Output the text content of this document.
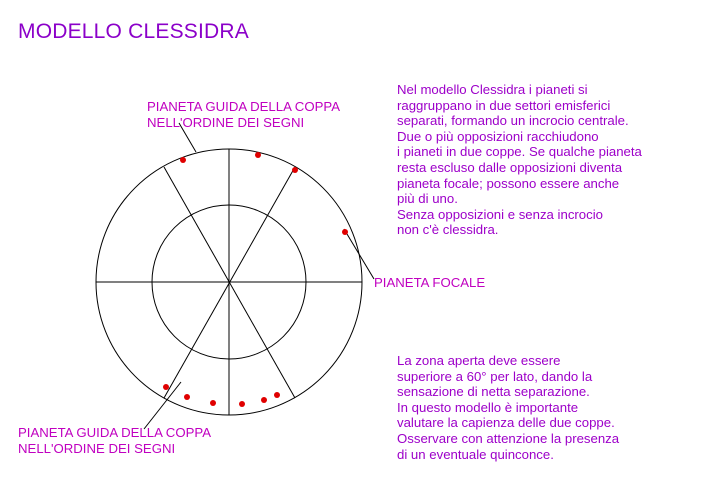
MODELLO CLESSIDRA
PIANETA GUIDA DELLA COPPA
NELL'ORDINE DEI SEGNI
PIANETA GUIDA DELLA COPPA
NELL'ORDINE DEI SEGNI
PIANETA FOCALE
Nel modello Clessidra i pianeti si
raggruppano in due settori emisferici
separati, formando un incrocio centrale.
Due o più opposizioni racchiudono
i pianeti in due coppe. Se qualche pianeta
resta escluso dalle opposizioni diventa
pianeta focale; possono essere anche
più di uno.
Senza opposizioni e senza incrocio
non c'è clessidra.
La zona aperta deve essere
superiore a 60° per lato, dando la
sensazione di netta separazione.
In questo modello è importante
valutare la capienza delle due coppe.
Osservare con attenzione la presenza
di un eventuale quinconce.
